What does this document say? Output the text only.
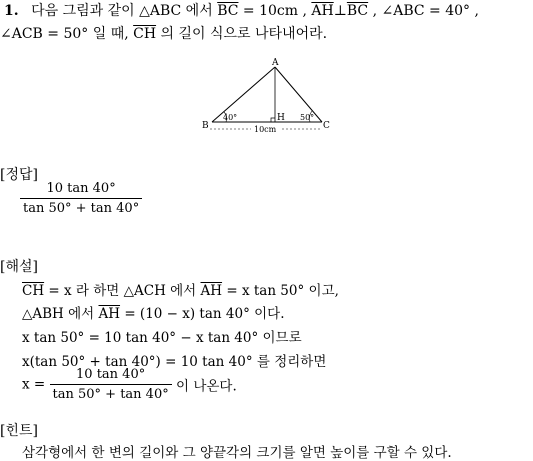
1. 다음 그림과 같이 △ABC 에서 $\overline{BC} = 10cm$ , $\overline{AH}\perp\overline{BC}$ , ∠ABC = 40° ,
∠ACB = 50° 일 때, $\overline{CH}$ 의 길이 식으로 나타내어라.
A
B	C
H
40°	50°
10cm
[정답]
$\frac{10 \tan 40^\circ}{\tan 50^\circ + \tan 40^\circ}$
[해설]
$\overline{CH} = x$ 라 하면 △ACH 에서 $\overline{AH} = x$ tan 50° 이고,
△ABH 에서 $\overline{AH} = (10 - x)$ tan 40° 이다.
x tan 50° = 10 tan 40° − x tan 40° 이므로
x(tan 50° + tan 40°) = 10 tan 40° 를 정리하면
$x = \frac{10 \tan 40^\circ}{\tan 50^\circ + \tan 40^\circ}$ 이 나온다.
[힌트]
삼각형에서 한 변의 길이와 그 양끝각의 크기를 알면 높이를 구할 수 있다.
